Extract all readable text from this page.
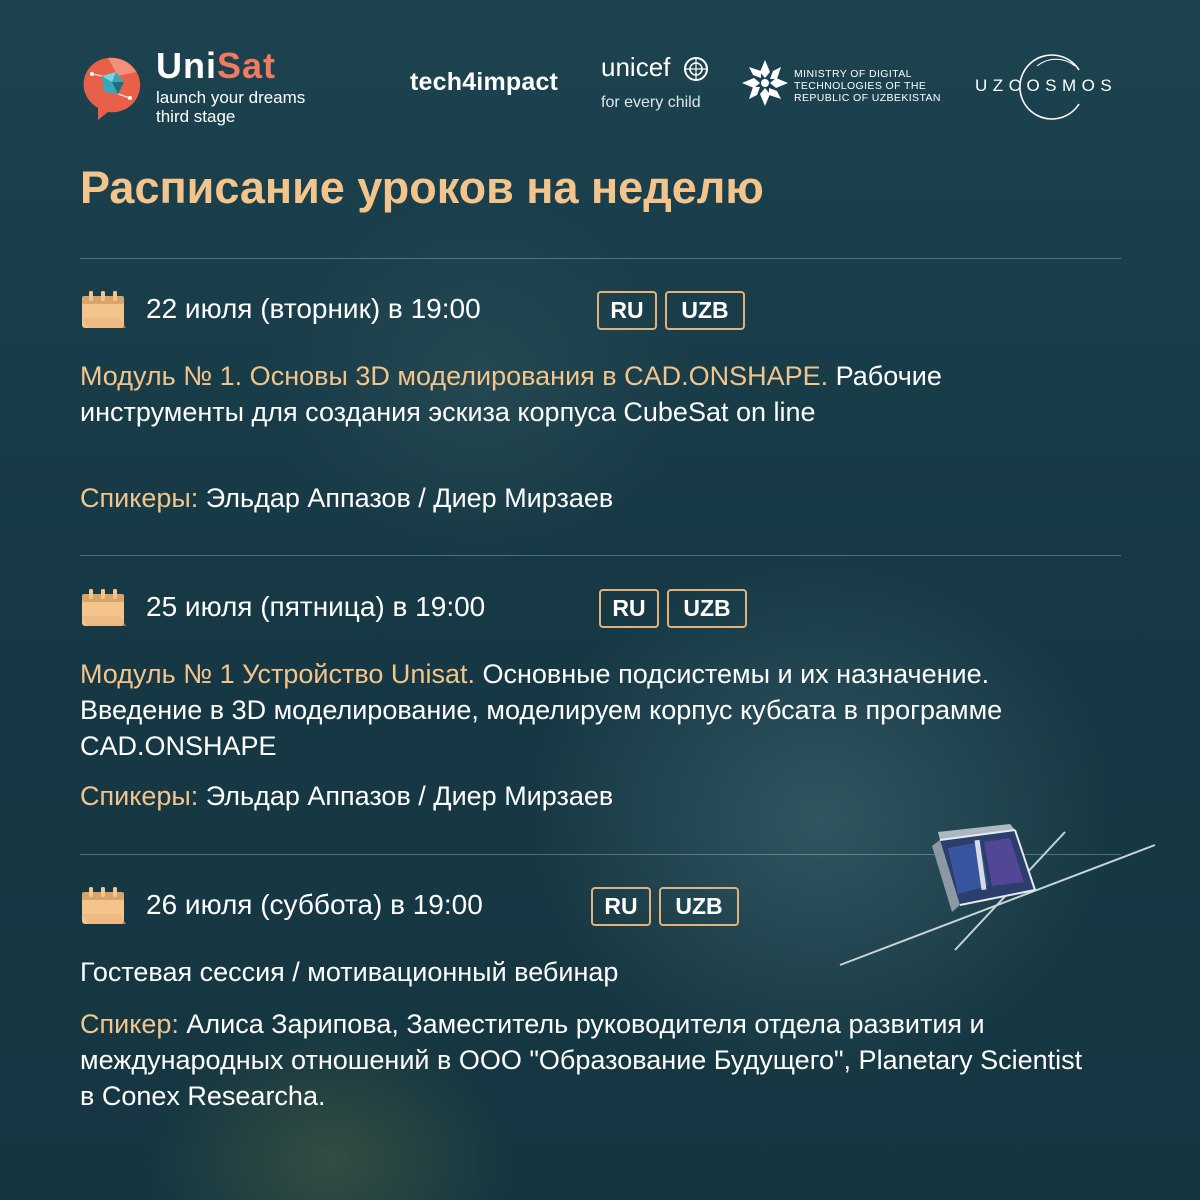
UniSat
launch your dreams
third stage
tech4impact unicef
for every child
MINISTRY OF DIGITAL
TECHNOLOGIES OF THE
REPUBLIC OF UZBEKISTAN
UZCOSMOS
Расписание уроков на неделю
22 июля (вторник) в 19:00	RU	UZB
Модуль № 1. Основы 3D моделирования в CAD.ONSHAPE. Рабочие инструменты для создания эскиза корпуса CubeSat on line
Спикеры: Эльдар Аппазов / Диер Мирзаев
25 июля (пятница) в 19:00	RU	UZB
Модуль № 1 Устройство Unisat. Основные подсистемы и их назначение. Введение в 3D моделирование, моделируем корпус кубсата в программе CAD.ONSHAPE
Спикеры: Эльдар Аппазов / Диер Мирзаев
26 июля (суббота) в 19:00	RU	UZB
Гостевая сессия / мотивационный вебинар
Спикер: Алиса Зарипова, Заместитель руководителя отдела развития и международных отношений в ООО "Образование Будущего", Planetary Scientist в Conex Researcha.
